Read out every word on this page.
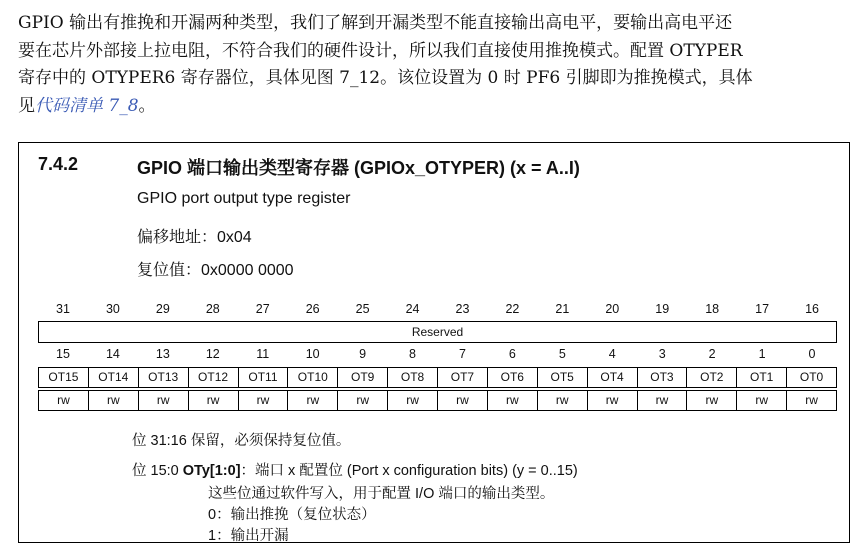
GPIO 输出有推挽和开漏两种类型，我们了解到开漏类型不能直接输出高电平，要输出高电平还
要在芯片外部接上拉电阻，不符合我们的硬件设计，所以我们直接使用推挽模式。配置 OTYPER
寄存中的 OTYPER6 寄存器位，具体见图 7_12。该位设置为 0 时 PF6 引脚即为推挽模式，具体
见代码清单 7_8。
7.4.2	GPIO 端口输出类型寄存器 (GPIOx_OTYPER) (x = A..I)
GPIO port output type register
偏移地址：0x04
复位值：0x0000 0000
31	30	29	28	27	26	25	24	23	22	21	20	19	18	17	16
Reserved
15	14	13	12	11	10	9	8	7	6	5	4	3	2	1	0
OT15	OT14	OT13	OT12	OT11	OT10	OT9	OT8	OT7	OT6	OT5	OT4	OT3	OT2	OT1	OT0
rw	rw	rw	rw	rw	rw	rw	rw	rw	rw	rw	rw	rw	rw	rw	rw
位 31:16 保留，必须保持复位值。
位 15:0 OTy[1:0]：端口 x 配置位 (Port x configuration bits) (y = 0..15)
这些位通过软件写入，用于配置 I/O 端口的输出类型。
0：输出推挽（复位状态）
1：输出开漏
